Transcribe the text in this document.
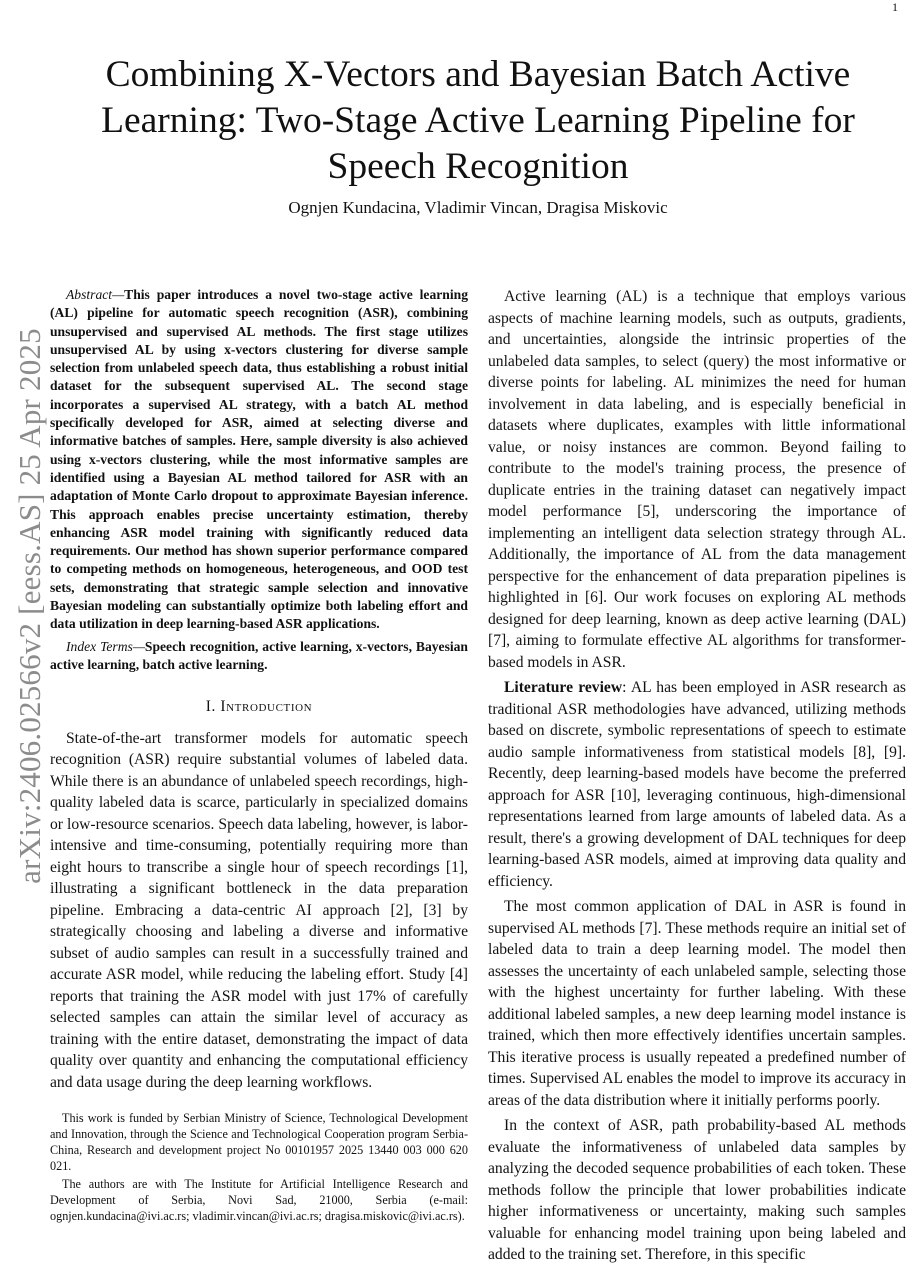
1
arXiv:2406.02566v2 [eess.AS] 25 Apr 2025
Combining X-Vectors and Bayesian Batch Active Learning: Two-Stage Active Learning Pipeline for Speech Recognition
Ognjen Kundacina, Vladimir Vincan, Dragisa Miskovic

Abstract—This paper introduces a novel two-stage active learning (AL) pipeline for automatic speech recognition (ASR), combining unsupervised and supervised AL methods. The first stage utilizes unsupervised AL by using x-vectors clustering for diverse sample selection from unlabeled speech data, thus establishing a robust initial dataset for the subsequent supervised AL. The second stage incorporates a supervised AL strategy, with a batch AL method specifically developed for ASR, aimed at selecting diverse and informative batches of samples. Here, sample diversity is also achieved using x-vectors clustering, while the most informative samples are identified using a Bayesian AL method tailored for ASR with an adaptation of Monte Carlo dropout to approximate Bayesian inference. This approach enables precise uncertainty estimation, thereby enhancing ASR model training with significantly reduced data requirements. Our method has shown superior performance compared to competing methods on homogeneous, heterogeneous, and OOD test sets, demonstrating that strategic sample selection and innovative Bayesian modeling can substantially optimize both labeling effort and data utilization in deep learning-based ASR applications.

Index Terms—Speech recognition, active learning, x-vectors, Bayesian active learning, batch active learning.

I. Introduction

State-of-the-art transformer models for automatic speech recognition (ASR) require substantial volumes of labeled data. While there is an abundance of unlabeled speech recordings, high-quality labeled data is scarce, particularly in specialized domains or low-resource scenarios. Speech data labeling, however, is labor-intensive and time-consuming, potentially requiring more than eight hours to transcribe a single hour of speech recordings [1], illustrating a significant bottleneck in the data preparation pipeline. Embracing a data-centric AI approach [2], [3] by strategically choosing and labeling a diverse and informative subset of audio samples can result in a successfully trained and accurate ASR model, while reducing the labeling effort. Study [4] reports that training the ASR model with just 17% of carefully selected samples can attain the similar level of accuracy as training with the entire dataset, demonstrating the impact of data quality over quantity and enhancing the computational efficiency and data usage during the deep learning workflows.

This work is funded by Serbian Ministry of Science, Technological Development and Innovation, through the Science and Technological Cooperation program Serbia-China, Research and development project No 00101957 2025 13440 003 000 620 021.

The authors are with The Institute for Artificial Intelligence Research and Development of Serbia, Novi Sad, 21000, Serbia (e-mail: ognjen.kundacina@ivi.ac.rs; vladimir.vincan@ivi.ac.rs; dragisa.miskovic@ivi.ac.rs).

Active learning (AL) is a technique that employs various aspects of machine learning models, such as outputs, gradients, and uncertainties, alongside the intrinsic properties of the unlabeled data samples, to select (query) the most informative or diverse points for labeling. AL minimizes the need for human involvement in data labeling, and is especially beneficial in datasets where duplicates, examples with little informational value, or noisy instances are common. Beyond failing to contribute to the model's training process, the presence of duplicate entries in the training dataset can negatively impact model performance [5], underscoring the importance of implementing an intelligent data selection strategy through AL. Additionally, the importance of AL from the data management perspective for the enhancement of data preparation pipelines is highlighted in [6]. Our work focuses on exploring AL methods designed for deep learning, known as deep active learning (DAL) [7], aiming to formulate effective AL algorithms for transformer-based models in ASR.

Literature review: AL has been employed in ASR research as traditional ASR methodologies have advanced, utilizing methods based on discrete, symbolic representations of speech to estimate audio sample informativeness from statistical models [8], [9]. Recently, deep learning-based models have become the preferred approach for ASR [10], leveraging continuous, high-dimensional representations learned from large amounts of labeled data. As a result, there's a growing development of DAL techniques for deep learning-based ASR models, aimed at improving data quality and efficiency.

The most common application of DAL in ASR is found in supervised AL methods [7]. These methods require an initial set of labeled data to train a deep learning model. The model then assesses the uncertainty of each unlabeled sample, selecting those with the highest uncertainty for further labeling. With these additional labeled samples, a new deep learning model instance is trained, which then more effectively identifies uncertain samples. This iterative process is usually repeated a predefined number of times. Supervised AL enables the model to improve its accuracy in areas of the data distribution where it initially performs poorly.

In the context of ASR, path probability-based AL methods evaluate the informativeness of unlabeled data samples by analyzing the decoded sequence probabilities of each token. These methods follow the principle that lower probabilities indicate higher informativeness or uncertainty, making such samples valuable for enhancing model training upon being labeled and added to the training set. Therefore, in this specific
